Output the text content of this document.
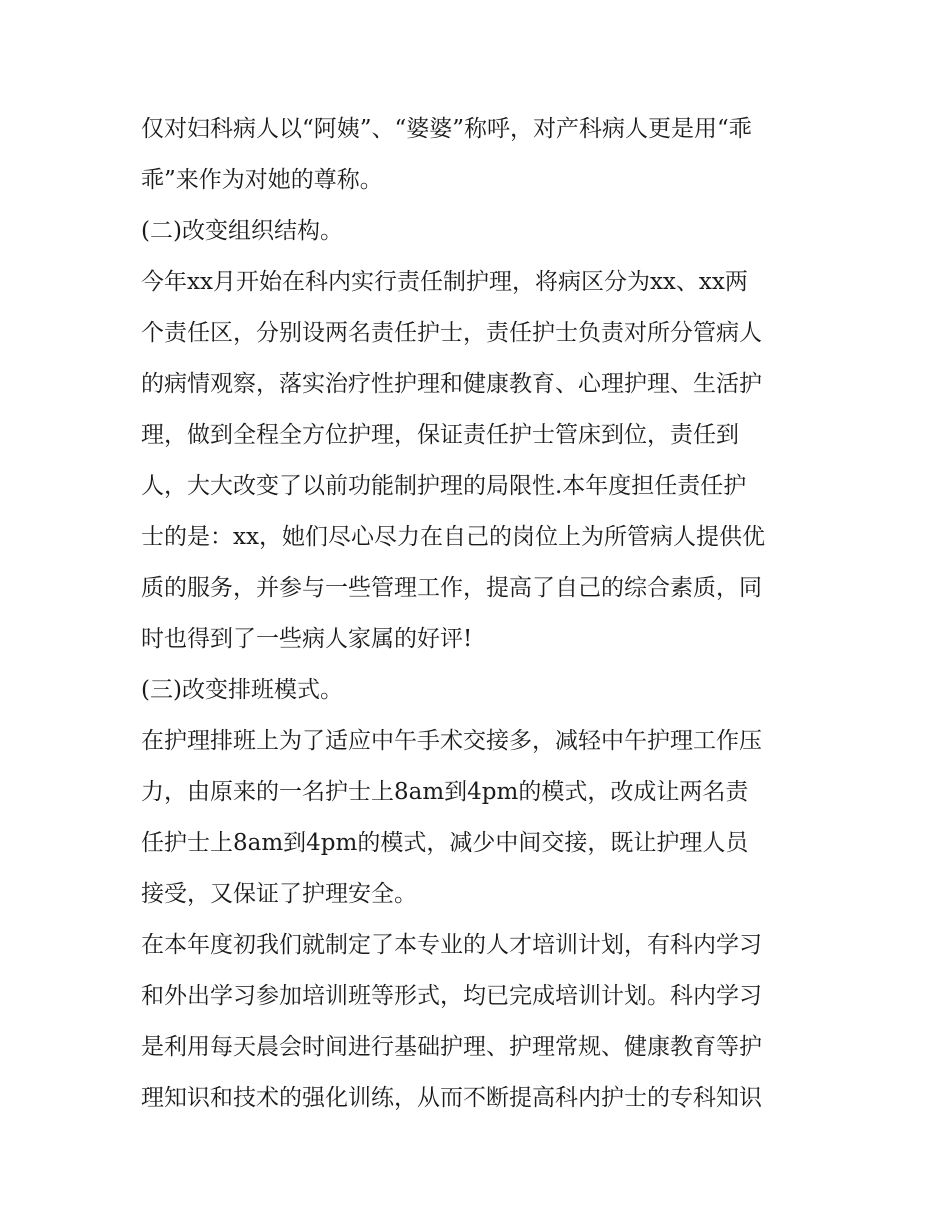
仅对妇科病人以“阿姨”、“婆婆”称呼，对产科病人更是用“乖
乖”来作为对她的尊称。
(二)改变组织结构。
今年xx月开始在科内实行责任制护理，将病区分为xx、xx两
个责任区，分别设两名责任护士，责任护士负责对所分管病人
的病情观察，落实治疗性护理和健康教育、心理护理、生活护
理，做到全程全方位护理，保证责任护士管床到位，责任到
人，大大改变了以前功能制护理的局限性.本年度担任责任护
士的是：xx，她们尽心尽力在自己的岗位上为所管病人提供优
质的服务，并参与一些管理工作，提高了自己的综合素质，同
时也得到了一些病人家属的好评!
(三)改变排班模式。
在护理排班上为了适应中午手术交接多，减轻中午护理工作压
力，由原来的一名护士上8am到4pm的模式，改成让两名责
任护士上8am到4pm的模式，减少中间交接，既让护理人员
接受，又保证了护理安全。
在本年度初我们就制定了本专业的人才培训计划，有科内学习
和外出学习参加培训班等形式，均已完成培训计划。科内学习
是利用每天晨会时间进行基础护理、护理常规、健康教育等护
理知识和技术的强化训练，从而不断提高科内护士的专科知识
